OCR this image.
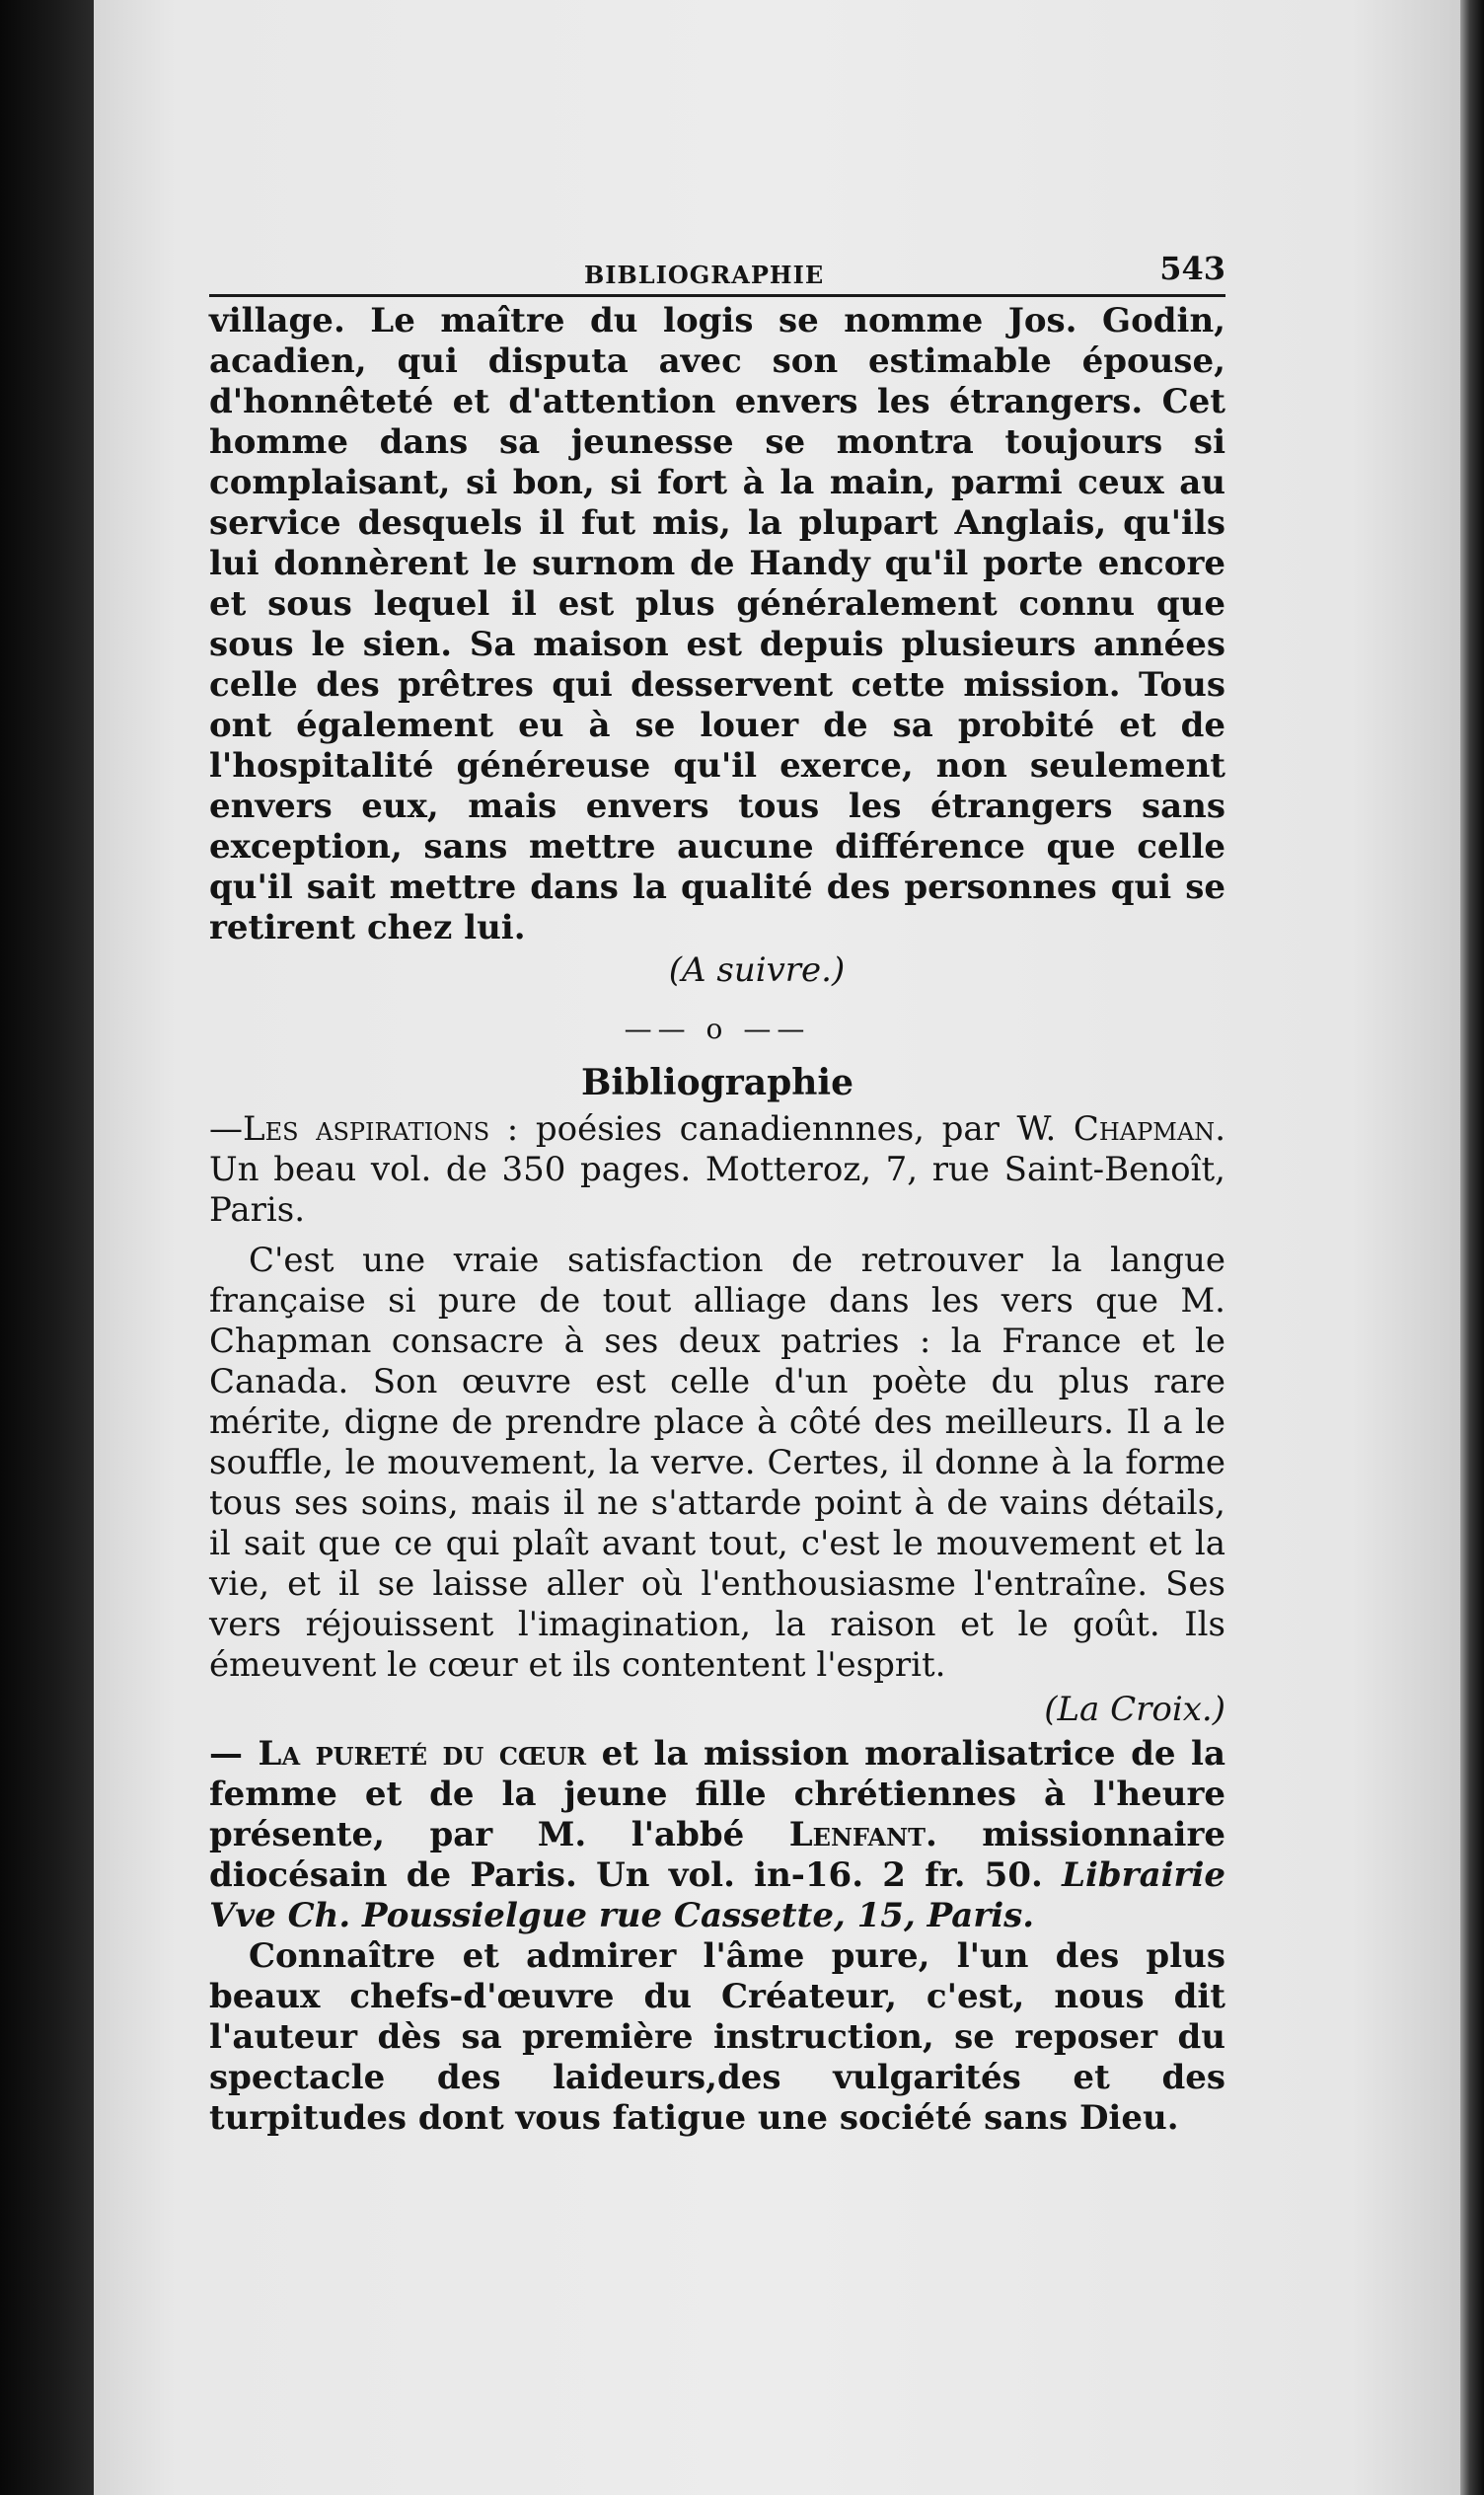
BIBLIOGRAPHIE	543

village. Le maître du logis se nomme Jos. Godin, acadien, qui disputa avec son estimable épouse, d'honnêteté et d'attention envers les étrangers. Cet homme dans sa jeunesse se montra toujours si complaisant, si bon, si fort à la main, parmi ceux au service desquels il fut mis, la plupart Anglais, qu'ils lui donnèrent le surnom de Handy qu'il porte encore et sous lequel il est plus généralement connu que sous le sien. Sa maison est depuis plusieurs années celle des prêtres qui desservent cette mission. Tous ont également eu à se louer de sa probité et de l'hospitalité généreuse qu'il exerce, non seulement envers eux, mais envers tous les étrangers sans exception, sans mettre aucune différence que celle qu'il sait mettre dans la qualité des personnes qui se retirent chez lui.

(A suivre.)

—— o ——
Bibliographie

—Les aspirations : poésies canadiennnes, par W. Chapman. Un beau vol. de 350 pages. Motteroz, 7, rue Saint-Benoît, Paris.

C'est une vraie satisfaction de retrouver la langue française si pure de tout alliage dans les vers que M. Chapman consacre à ses deux patries : la France et le Canada. Son œuvre est celle d'un poète du plus rare mérite, digne de prendre place à côté des meilleurs. Il a le souffle, le mouvement, la verve. Certes, il donne à la forme tous ses soins, mais il ne s'attarde point à de vains détails, il sait que ce qui plaît avant tout, c'est le mouvement et la vie, et il se laisse aller où l'enthousiasme l'entraîne. Ses vers réjouissent l'imagination, la raison et le goût. Ils émeuvent le cœur et ils contentent l'esprit.

(La Croix.)

— La pureté du cœur et la mission moralisatrice de la femme et de la jeune fille chrétiennes à l'heure présente, par M. l'abbé Lenfant. missionnaire diocésain de Paris. Un vol. in-16. 2 fr. 50. Librairie Vve Ch. Poussielgue rue Cassette, 15, Paris.

Connaître et admirer l'âme pure, l'un des plus beaux chefs-d'œuvre du Créateur, c'est, nous dit l'auteur dès sa première instruction, se reposer du spectacle des laideurs,des vulgarités et des turpitudes dont vous fatigue une société sans Dieu.
